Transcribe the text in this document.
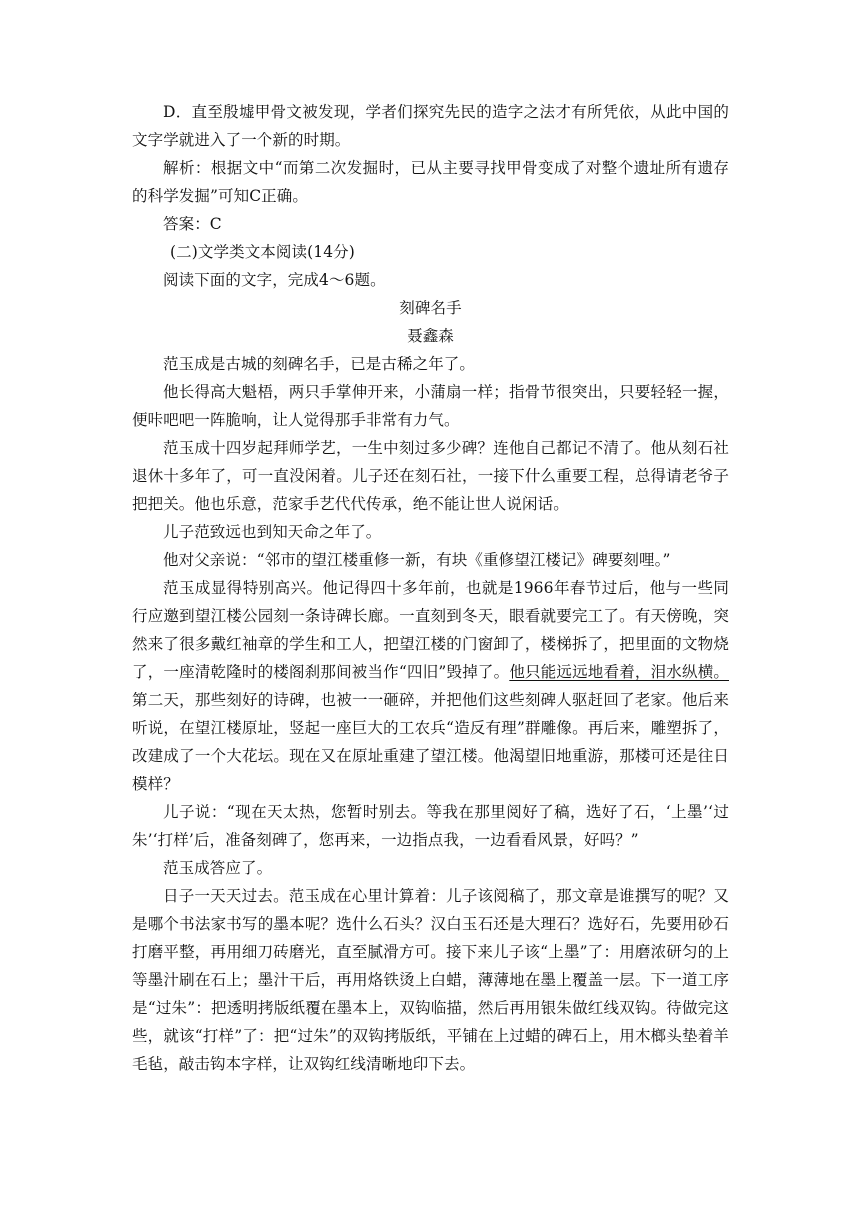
D．直至殷墟甲骨文被发现，学者们探究先民的造字之法才有所凭依，从此中国的文字学就进入了一个新的时期。

解析：根据文中“而第二次发掘时，已从主要寻找甲骨变成了对整个遗址所有遗存的科学发掘”可知C正确。

答案：C

(二)文学类文本阅读(14分)

阅读下面的文字，完成4～6题。

刻碑名手

聂鑫森

范玉成是古城的刻碑名手，已是古稀之年了。

他长得高大魁梧，两只手掌伸开来，小蒲扇一样；指骨节很突出，只要轻轻一握，便咔吧吧一阵脆响，让人觉得那手非常有力气。

范玉成十四岁起拜师学艺，一生中刻过多少碑？连他自己都记不清了。他从刻石社退休十多年了，可一直没闲着。儿子还在刻石社，一接下什么重要工程，总得请老爷子把把关。他也乐意，范家手艺代代传承，绝不能让世人说闲话。

儿子范致远也到知天命之年了。

他对父亲说：“邻市的望江楼重修一新，有块《重修望江楼记》碑要刻哩。”

范玉成显得特别高兴。他记得四十多年前，也就是1966年春节过后，他与一些同行应邀到望江楼公园刻一条诗碑长廊。一直刻到冬天，眼看就要完工了。有天傍晚，突然来了很多戴红袖章的学生和工人，把望江楼的门窗卸了，楼梯拆了，把里面的文物烧了，一座清乾隆时的楼阁刹那间被当作“四旧”毁掉了。他只能远远地看着，泪水纵横。第二天，那些刻好的诗碑，也被一一砸碎，并把他们这些刻碑人驱赶回了老家。他后来听说，在望江楼原址，竖起一座巨大的工农兵“造反有理”群雕像。再后来，雕塑拆了，改建成了一个大花坛。现在又在原址重建了望江楼。他渴望旧地重游，那楼可还是往日模样？

儿子说：“现在天太热，您暂时别去。等我在那里阅好了稿，选好了石，‘上墨’‘过朱’‘打样’后，准备刻碑了，您再来，一边指点我，一边看看风景，好吗？”

范玉成答应了。

日子一天天过去。范玉成在心里计算着：儿子该阅稿了，那文章是谁撰写的呢？又是哪个书法家书写的墨本呢？选什么石头？汉白玉石还是大理石？选好石，先要用砂石打磨平整，再用细刀砖磨光，直至腻滑方可。接下来儿子该“上墨”了：用磨浓研匀的上等墨汁刷在石上；墨汁干后，再用烙铁烫上白蜡，薄薄地在墨上覆盖一层。下一道工序是“过朱”：把透明拷版纸覆在墨本上，双钩临描，然后再用银朱做红线双钩。待做完这些，就该“打样”了：把“过朱”的双钩拷版纸，平铺在上过蜡的碑石上，用木榔头垫着羊毛毡，敲击钩本字样，让双钩红线清晰地印下去。
